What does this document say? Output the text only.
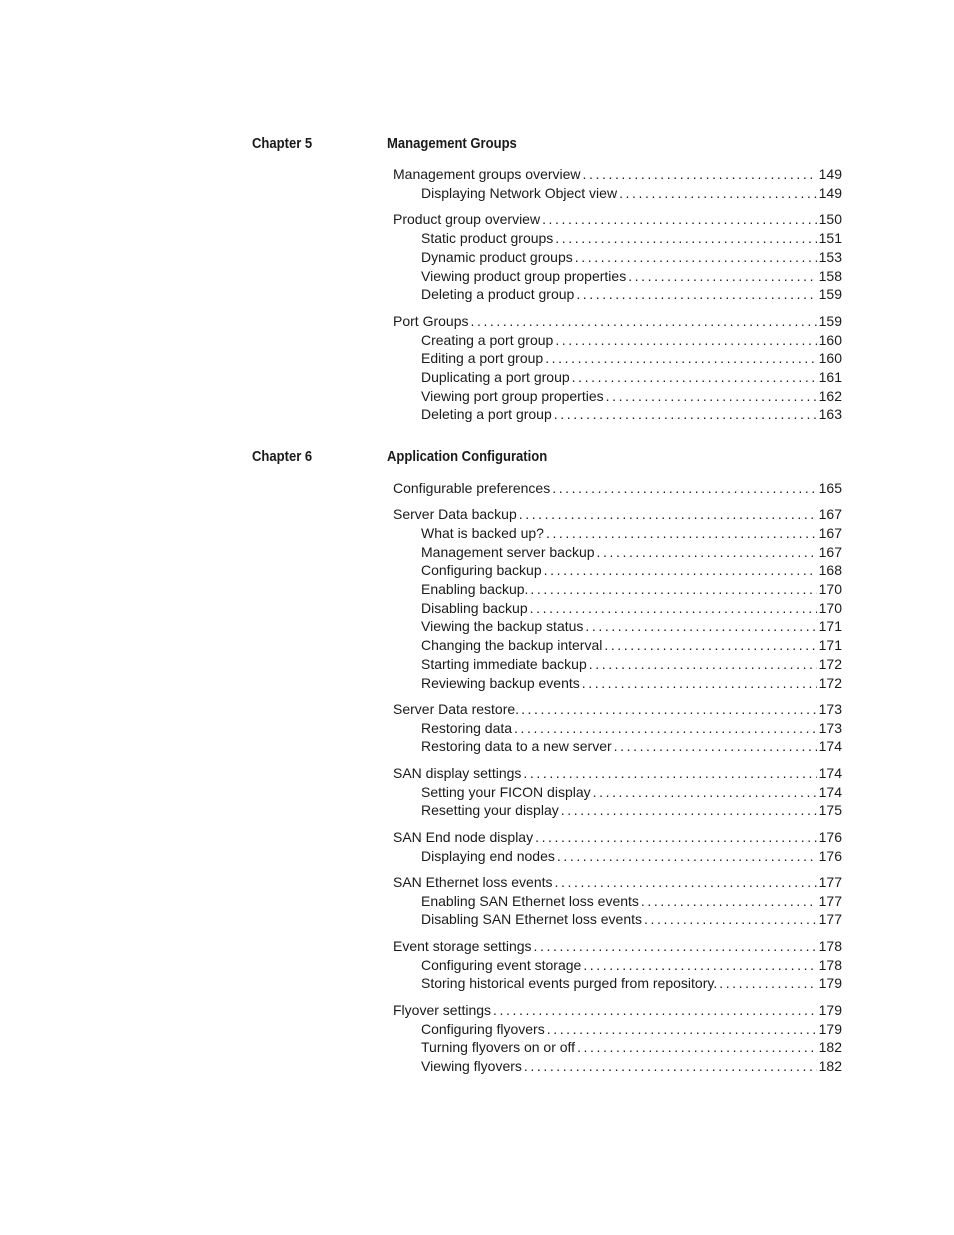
Chapter 5	Management Groups
Management groups overview . . .	149
Displaying Network Object view . . .	149
Product group overview . . .	150
Static product groups . . .	151
Dynamic product groups . . .	153
Viewing product group properties . . .	158
Deleting a product group . . .	159
Port Groups . . .	159
Creating a port group . . .	160
Editing a port group . . .	160
Duplicating a port group . . .	161
Viewing port group properties . . .	162
Deleting a port group . . .	163
Chapter 6	Application Configuration
Configurable preferences . . .	165
Server Data backup . . .	167
What is backed up? . . .	167
Management server backup . . .	167
Configuring backup . . .	168
Enabling backup. . . .	170
Disabling backup . . .	170
Viewing the backup status . . .	171
Changing the backup interval . . .	171
Starting immediate backup . . .	172
Reviewing backup events . . .	172
Server Data restore. . . .	173
Restoring data . . .	173
Restoring data to a new server . . .	174
SAN display settings . . .	174
Setting your FICON display . . .	174
Resetting your display . . .	175
SAN End node display . . .	176
Displaying end nodes . . .	176
SAN Ethernet loss events . . .	177
Enabling SAN Ethernet loss events . . .	177
Disabling SAN Ethernet loss events . . .	177
Event storage settings . . .	178
Configuring event storage . . .	178
Storing historical events purged from repository. . . .	179
Flyover settings . . .	179
Configuring flyovers . . .	179
Turning flyovers on or off . . .	182
Viewing flyovers . . .	182
